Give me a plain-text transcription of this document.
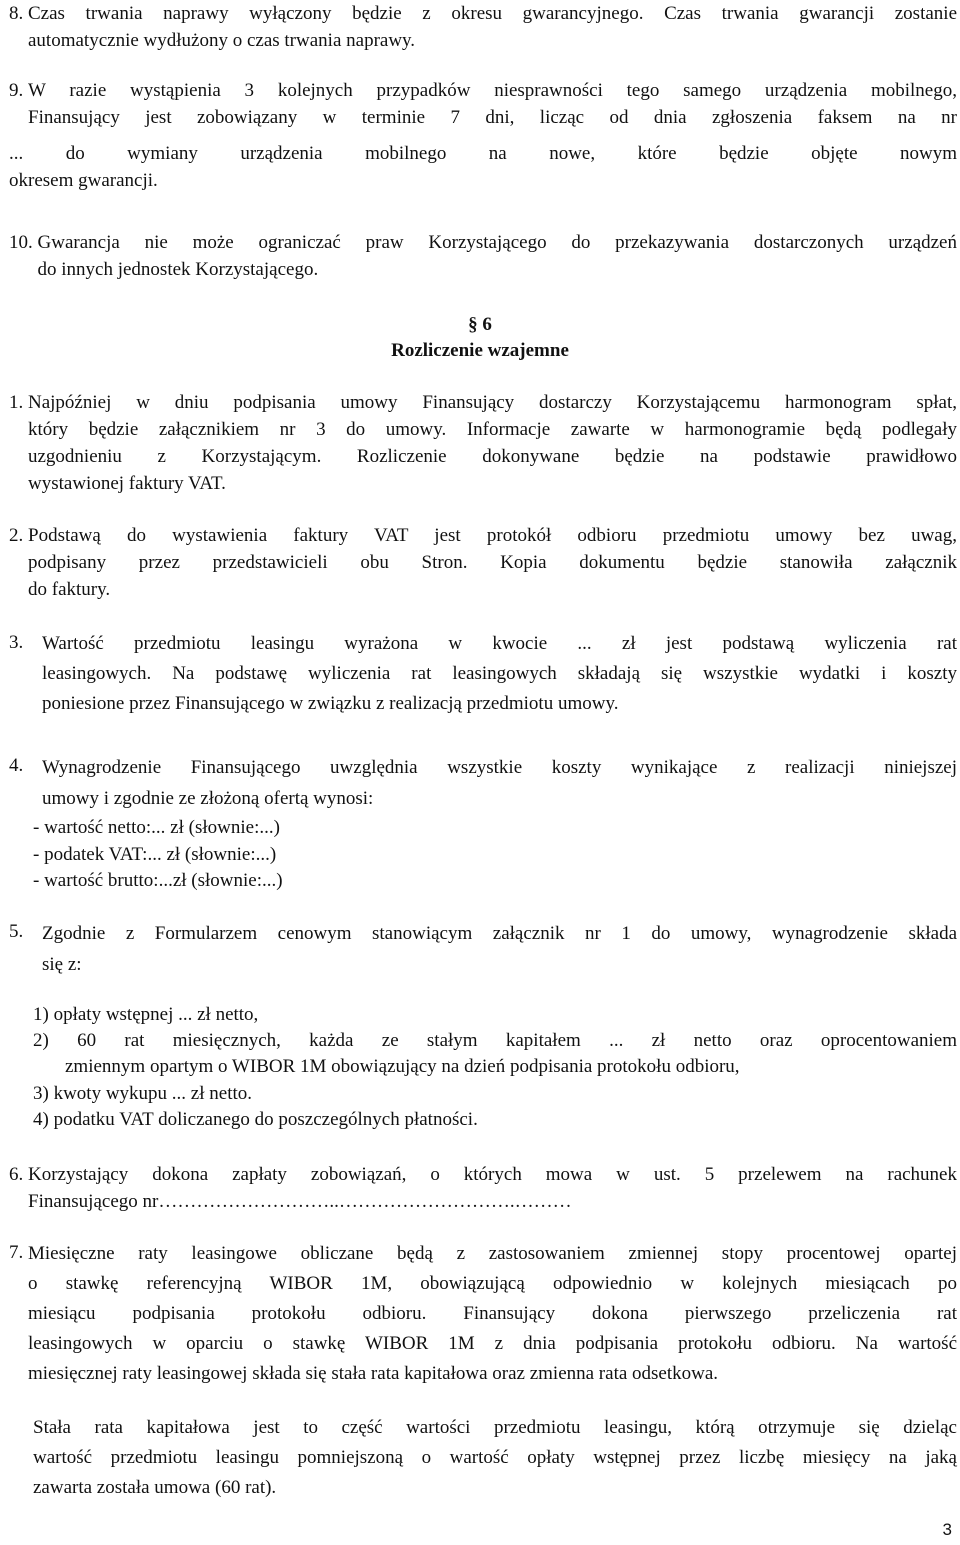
8. Czas trwania naprawy wyłączony będzie z okresu gwarancyjnego. Czas trwania gwarancji zostanie
automatycznie wydłużony o czas trwania naprawy.
9. W razie wystąpienia 3 kolejnych przypadków niesprawności tego samego urządzenia mobilnego,
Finansujący jest zobowiązany w terminie 7 dni, licząc od dnia zgłoszenia faksem na nr
... do wymiany urządzenia mobilnego na nowe, które będzie objęte nowym
okresem gwarancji.
10. Gwarancja nie może ograniczać praw Korzystającego do przekazywania dostarczonych urządzeń
do innych jednostek Korzystającego.
§ 6
Rozliczenie wzajemne
1. Najpóźniej w dniu podpisania umowy Finansujący dostarczy Korzystającemu harmonogram spłat,
który będzie załącznikiem nr 3 do umowy. Informacje zawarte w harmonogramie będą podlegały
uzgodnieniu z Korzystającym. Rozliczenie dokonywane będzie na podstawie prawidłowo
wystawionej faktury VAT.
2. Podstawą do wystawienia faktury VAT jest protokół odbioru przedmiotu umowy bez uwag,
podpisany przez przedstawicieli obu Stron. Kopia dokumentu będzie stanowiła załącznik
do faktury.
3. Wartość przedmiotu leasingu wyrażona w kwocie ... zł jest podstawą wyliczenia rat
leasingowych. Na podstawę wyliczenia rat leasingowych składają się wszystkie wydatki i koszty
poniesione przez Finansującego w związku z realizacją przedmiotu umowy.
4. Wynagrodzenie Finansującego uwzględnia wszystkie koszty wynikające z realizacji niniejszej
umowy i zgodnie ze złożoną ofertą wynosi:
- wartość netto:... zł (słownie:...)
- podatek VAT:... zł (słownie:...)
- wartość brutto:...zł (słownie:...)
5. Zgodnie z Formularzem cenowym stanowiącym załącznik nr 1 do umowy, wynagrodzenie składa
się z:
1) opłaty wstępnej ... zł netto,
2) 60 rat miesięcznych, każda ze stałym kapitałem ... zł netto oraz oprocentowaniem
zmiennym opartym o WIBOR 1M obowiązujący na dzień podpisania protokołu odbioru,
3) kwoty wykupu ... zł netto.
4) podatku VAT doliczanego do poszczególnych płatności.
6. Korzystający dokona zapłaty zobowiązań, o których mowa w ust. 5 przelewem na rachunek
Finansującego nr………………………..……………………….………
7. Miesięczne raty leasingowe obliczane będą z zastosowaniem zmiennej stopy procentowej opartej
o stawkę referencyjną WIBOR 1M, obowiązującą odpowiednio w kolejnych miesiącach po
miesiącu podpisania protokołu odbioru. Finansujący dokona pierwszego przeliczenia rat
leasingowych w oparciu o stawkę WIBOR 1M z dnia podpisania protokołu odbioru. Na wartość
miesięcznej raty leasingowej składa się stała rata kapitałowa oraz zmienna rata odsetkowa.
Stała rata kapitałowa jest to część wartości przedmiotu leasingu, którą otrzymuje się dzieląc
wartość przedmiotu leasingu pomniejszoną o wartość opłaty wstępnej przez liczbę miesięcy na jaką
zawarta została umowa (60 rat).
3
